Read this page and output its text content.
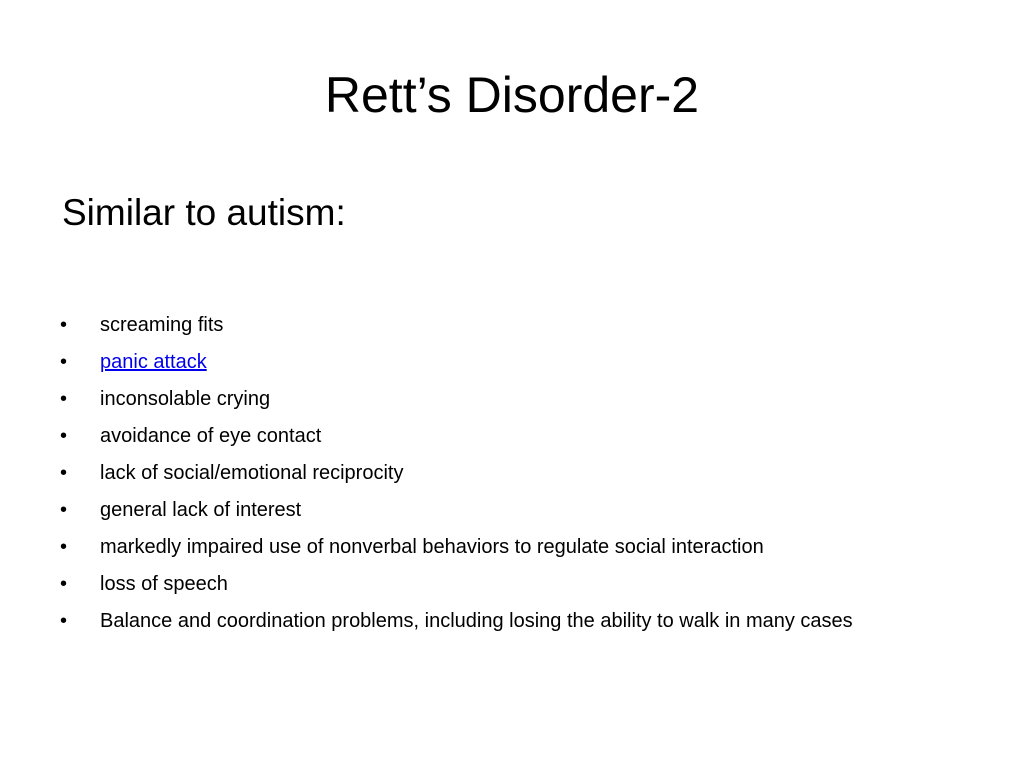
Rett’s Disorder-2

Similar to autism:

•	screaming fits
•	panic attack
•	inconsolable crying
•	avoidance of eye contact
•	lack of social/emotional reciprocity
•	general lack of interest
•	markedly impaired use of nonverbal behaviors to regulate social interaction
•	loss of speech
•	Balance and coordination problems, including losing the ability to walk in many cases
